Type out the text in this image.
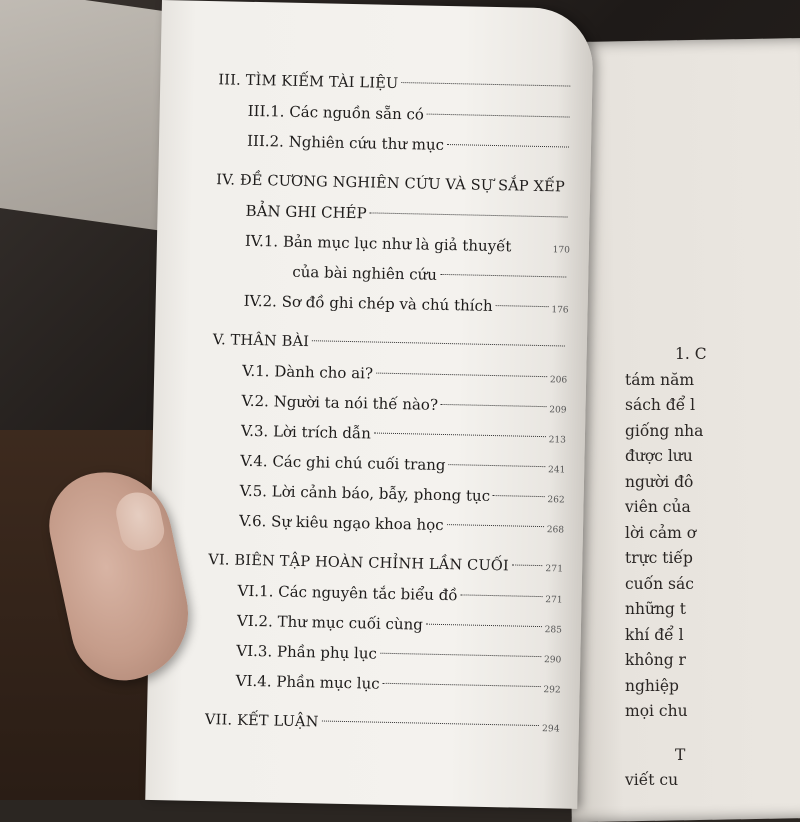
1. C
tám năm
sách để l
giống nha
được lưu
người đô
viên của
lời cảm ơ
trực tiếp
cuốn sác
những t
khí để l
không r
nghiệp
mọi chu
T
viết cu
III. TÌM KIẾM TÀI LIỆU
III.1. Các nguồn sẵn có
III.2. Nghiên cứu thư mục
IV. ĐỀ CƯƠNG NGHIÊN CỨU VÀ SỰ SẮP XẾP
BẢN GHI CHÉP
IV.1. Bản mục lục như là giả thuyết	170
của bài nghiên cứu
IV.2. Sơ đồ ghi chép và chú thích	176
V. THÂN BÀI
V.1. Dành cho ai?	206
V.2. Người ta nói thế nào?	209
V.3. Lời trích dẫn	213
V.4. Các ghi chú cuối trang	241
V.5. Lời cảnh báo, bẫy, phong tục	262
V.6. Sự kiêu ngạo khoa học	268
VI. BIÊN TẬP HOÀN CHỈNH LẦN CUỐI	271
VI.1. Các nguyên tắc biểu đồ	271
VI.2. Thư mục cuối cùng	285
VI.3. Phần phụ lục	290
VI.4. Phần mục lục	292
VII. KẾT LUẬN	294
